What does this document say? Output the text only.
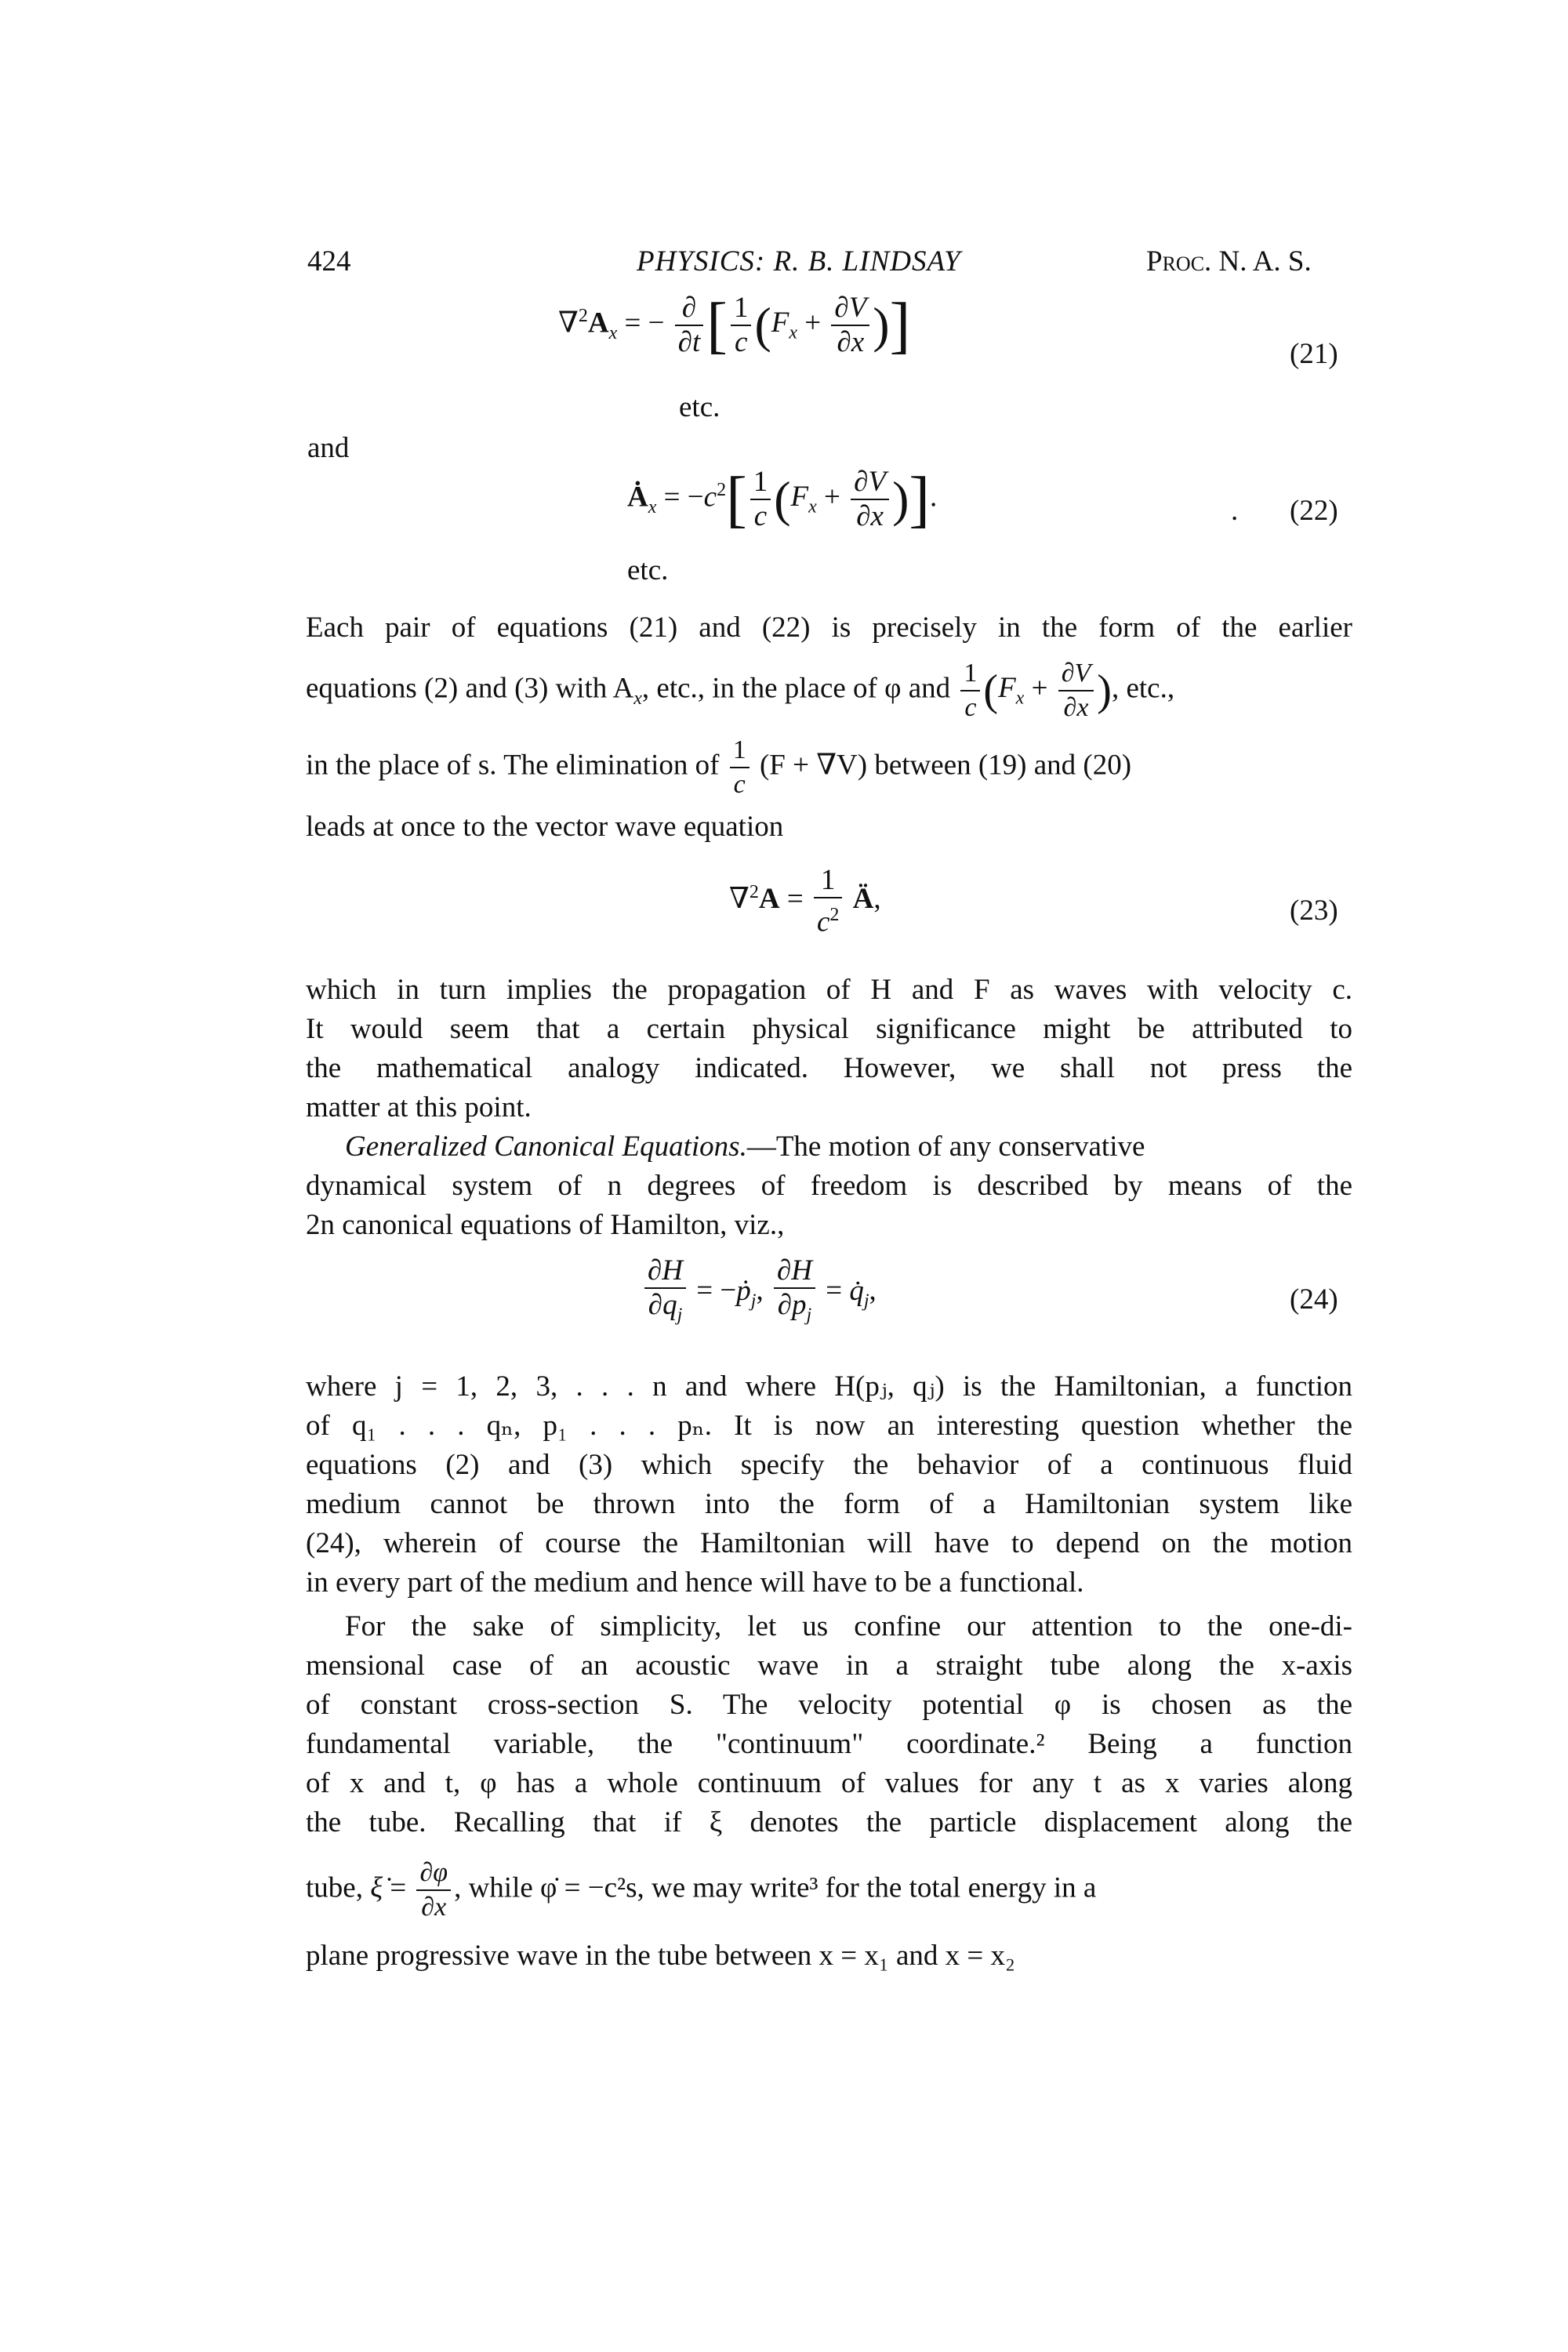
424	PHYSICS: R. B. LINDSAY	Proc. N. A. S.
$\nabla^2A_x$ = − $\frac{\partial}{\partial t}$ [ $\frac{1}{c} (F_x + \frac{\partial V}{\partial x}$ )]	(21)
etc.
and
$Ȧ_x = -c^2[ \frac{1}{c} (F_x + \frac{\partial V}{\partial x}$ )].	. (22)
etc.
Each pair of equations (21) and (22) is precisely in the form of the earlier
equations (2) and (3) with $A_x$, etc., in the place of φ and $\frac{1}{c} (F_x + \frac{\partial V}{\partial x}$ ), etc.,
in the place of s. The elimination of $\frac{1}{c} (F + \nabla V)$ between (19) and (20)
leads at once to the vector wave equation
$\nabla^2A = \frac{1}{c^2}$ Ä,	(23)
which in turn implies the propagation of H and F as waves with velocity c.
It would seem that a certain physical significance might be attributed to
the mathematical analogy indicated. However, we shall not press the
matter at this point.
Generalized Canonical Equations.—The motion of any conservative
dynamical system of n degrees of freedom is described by means of the
2n canonical equations of Hamilton, viz.,
$\frac{\partial H}{\partial q_j}$ = −ṗ$_j$, $\frac{\partial H}{\partial p_j}$ = $q̇_j$,	(24)
where j = 1, 2, 3, . . . n and where H(pⱼ, qⱼ) is the Hamiltonian, a function
of q₁ . . . qₙ, p₁ . . . pₙ. It is now an interesting question whether the
equations (2) and (3) which specify the behavior of a continuous fluid
medium cannot be thrown into the form of a Hamiltonian system like
(24), wherein of course the Hamiltonian will have to depend on the motion
in every part of the medium and hence will have to be a functional.
For the sake of simplicity, let us confine our attention to the one-di-
mensional case of an acoustic wave in a straight tube along the x-axis
of constant cross-section S. The velocity potential φ is chosen as the
fundamental variable, the "continuum" coordinate.² Being a function
of x and t, φ has a whole continuum of values for any t as x varies along
the tube. Recalling that if ξ denotes the particle displacement along the
tube, ξ̇ = $\frac{\partial\varphi}{\partial x}$ , while φ̇ = −c²s, we may write³ for the total energy in a
plane progressive wave in the tube between x = x₁ and x = x₂
